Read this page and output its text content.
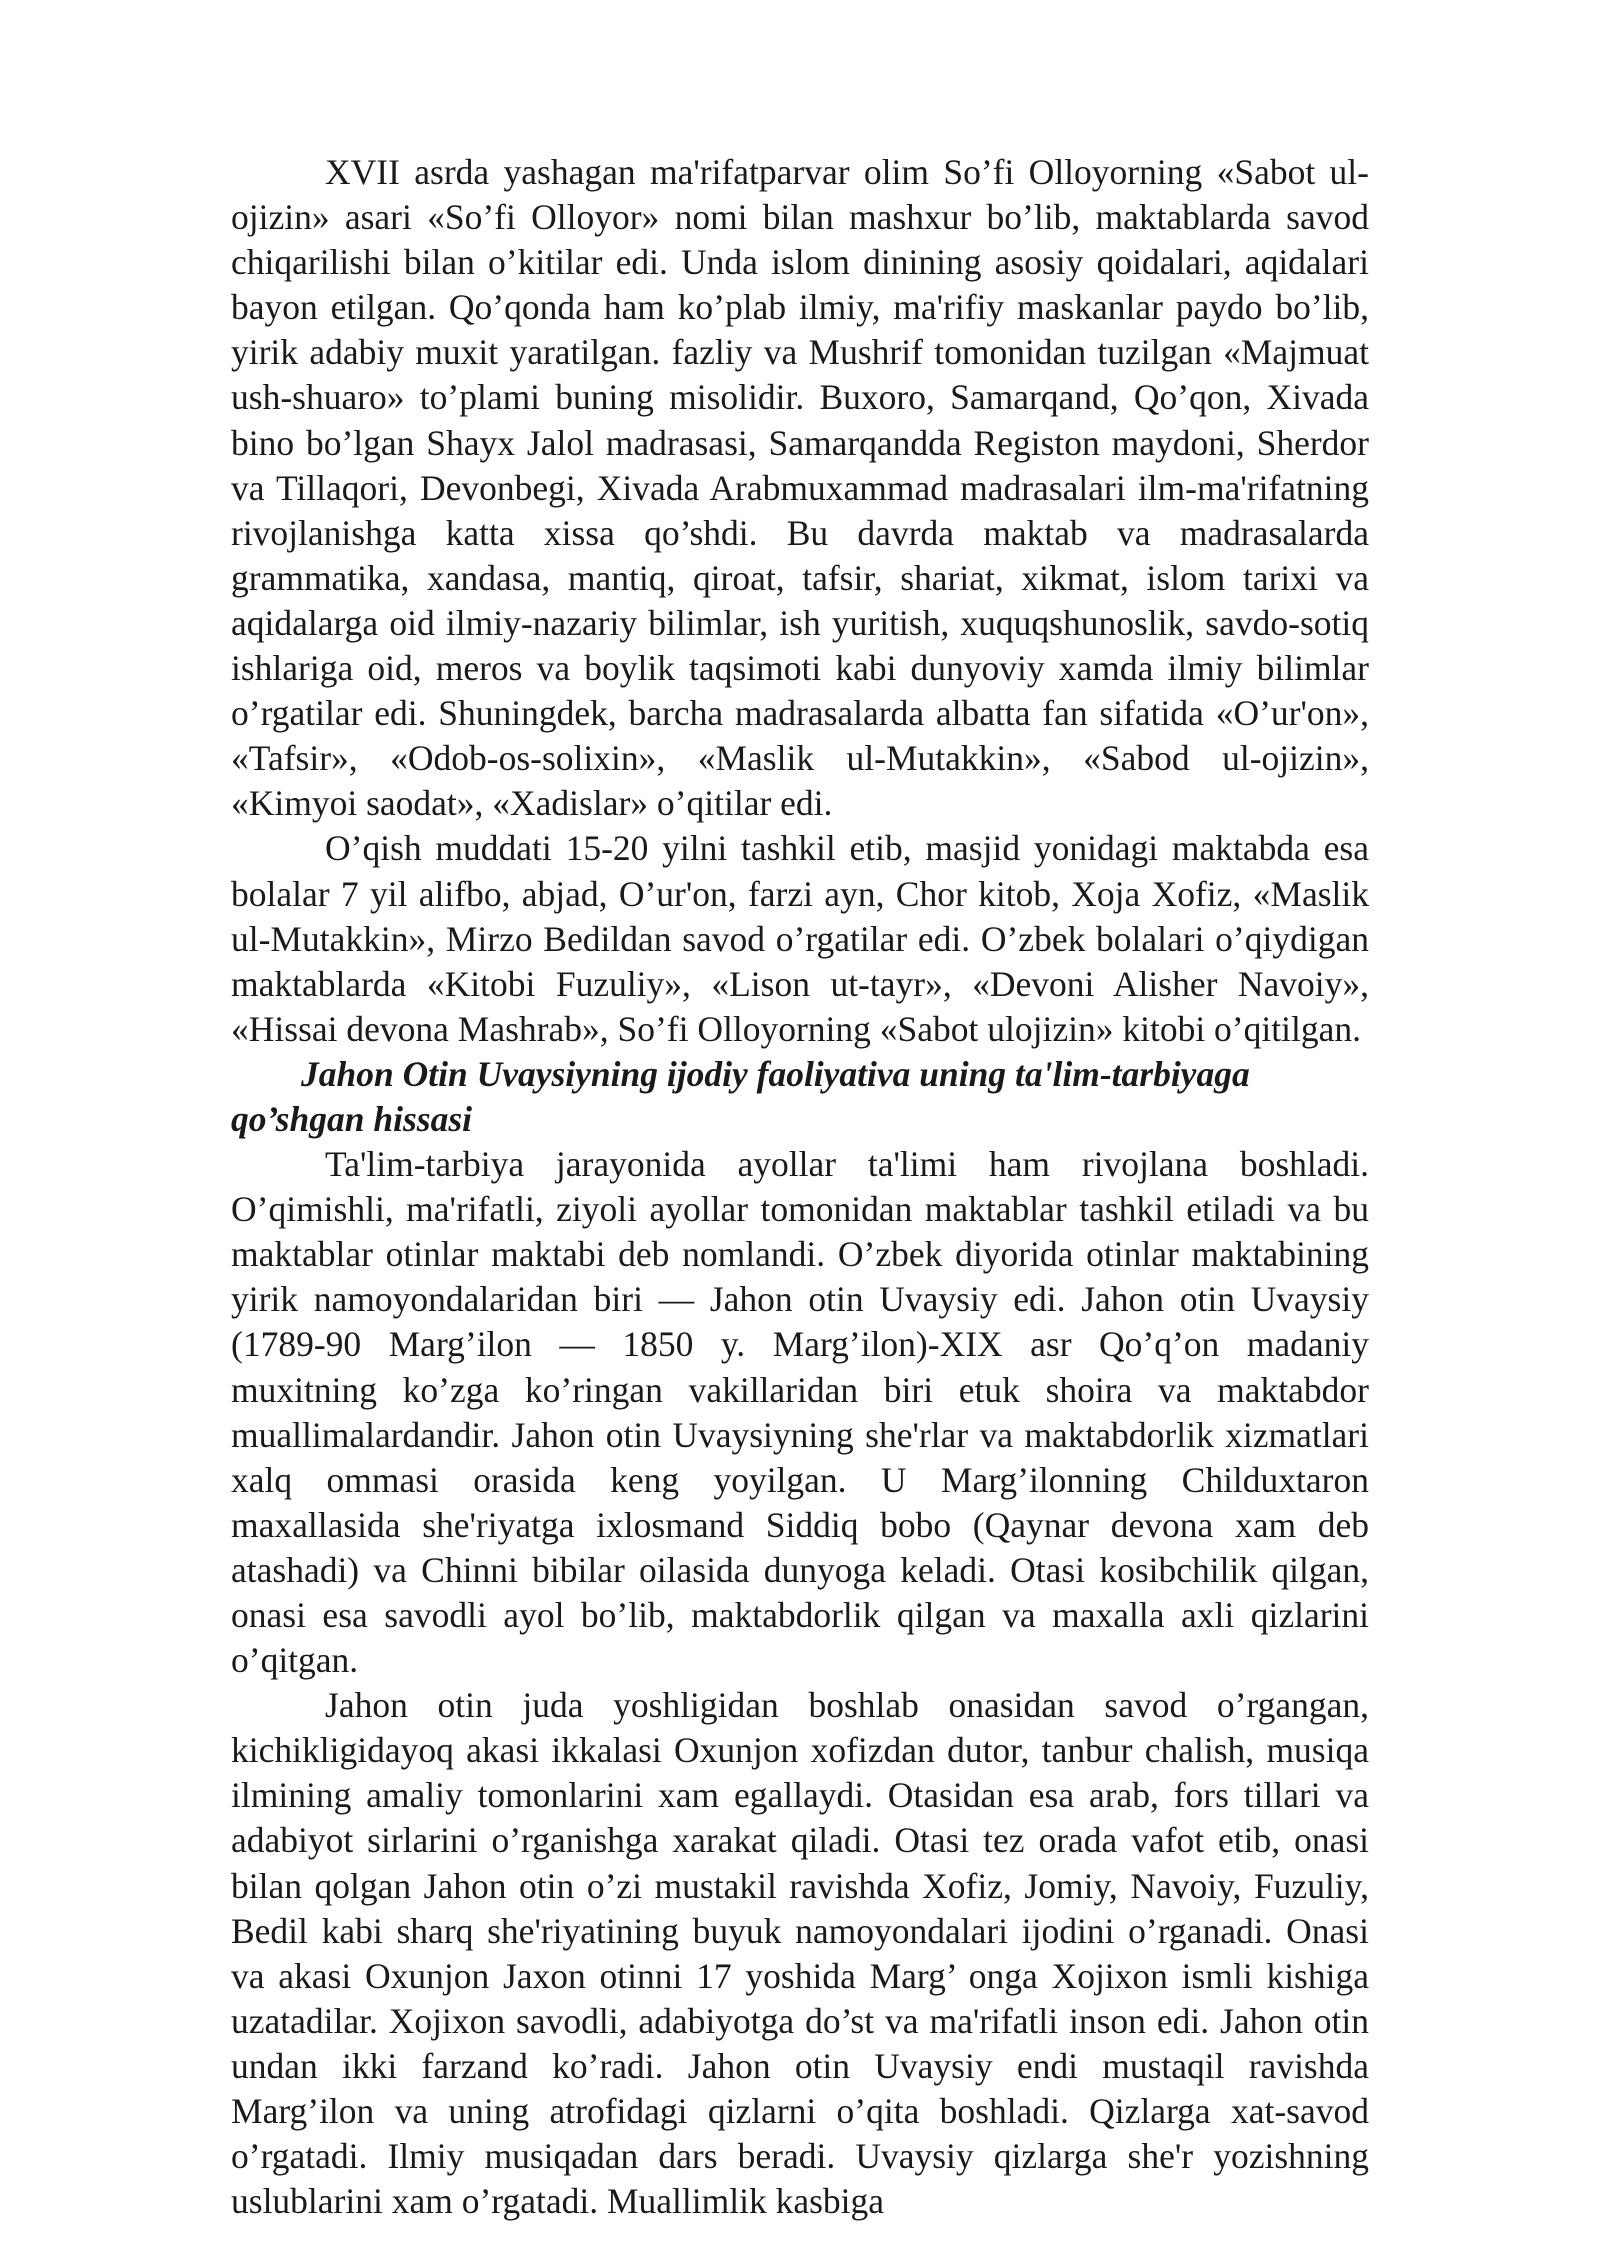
XVII asrda yashagan ma'rifatparvar olim So’fi Olloyorning «Sabot ul-ojizin» asari «So’fi Olloyor» nomi bilan mashxur bo’lib, maktablarda savod chiqarilishi bilan o’kitilar edi. Unda islom dinining asosiy qoidalari, aqidalari bayon etilgan. Qo’qonda ham ko’plab ilmiy, ma'rifiy maskanlar paydo bo’lib, yirik adabiy muxit yaratilgan. fazliy va Mushrif tomonidan tuzilgan «Majmuat ush-shuaro» to’plami buning misolidir. Buxoro, Samarqand, Qo’qon, Xivada bino bo’lgan Shayx Jalol madrasasi, Samarqandda Registon maydoni, Sherdor va Tillaqori, Devonbegi, Xivada Arabmuxammad madrasalari ilm-ma'rifatning rivojlanishga katta xissa qo’shdi. Bu davrda maktab va madrasalarda grammatika, xandasa, mantiq, qiroat, tafsir, shariat, xikmat, islom tarixi va aqidalarga oid ilmiy-nazariy bilimlar, ish yuritish, xuquqshunoslik, savdo-sotiq ishlariga oid, meros va boylik taqsimoti kabi dunyoviy xamda ilmiy bilimlar o’rgatilar edi. Shuningdek, barcha madrasalarda albatta fan sifatida «O’ur'on», «Tafsir», «Odob-os-solixin», «Maslik ul-Mutakkin», «Sabod ul-ojizin», «Kimyoi saodat», «Xadislar» o’qitilar edi.

O’qish muddati 15-20 yilni tashkil etib, masjid yonidagi maktabda esa bolalar 7 yil alifbo, abjad, O’ur'on, farzi ayn, Chor kitob, Xoja Xofiz, «Maslik ul-Mutakkin», Mirzo Bedildan savod o’rgatilar edi. O’zbek bolalari o’qiydigan maktablarda «Kitobi Fuzuliy», «Lison ut-tayr», «Devoni Alisher Navoiy», «Hissai devona Mashrab», So’fi Olloyorning «Sabot ulojizin» kitobi o’qitilgan.

Jahon Otin Uvaysiyning ijodiy faoliyativa uning ta'lim-tarbiyaga qo’shgan hissasi

Ta'lim-tarbiya jarayonida ayollar ta'limi ham rivojlana boshladi. O’qimishli, ma'rifatli, ziyoli ayollar tomonidan maktablar tashkil etiladi va bu maktablar otinlar maktabi deb nomlandi. O’zbek diyorida otinlar maktabining yirik namoyondalaridan biri — Jahon otin Uvaysiy edi. Jahon otin Uvaysiy (1789-90 Marg’ilon — 1850 y. Marg’ilon)-XIX asr Qo’q’on madaniy muxitning ko’zga ko’ringan vakillaridan biri etuk shoira va maktabdor muallimalardandir. Jahon otin Uvaysiyning she'rlar va maktabdorlik xizmatlari xalq ommasi orasida keng yoyilgan. U Marg’ilonning Childuxtaron maxallasida she'riyatga ixlosmand Siddiq bobo (Qaynar devona xam deb atashadi) va Chinni bibilar oilasida dunyoga keladi. Otasi kosibchilik qilgan, onasi esa savodli ayol bo’lib, maktabdorlik qilgan va maxalla axli qizlarini o’qitgan.

Jahon otin juda yoshligidan boshlab onasidan savod o’rgangan, kichikligidayoq akasi ikkalasi Oxunjon xofizdan dutor, tanbur chalish, musiqa ilmining amaliy tomonlarini xam egallaydi. Otasidan esa arab, fors tillari va adabiyot sirlarini o’rganishga xarakat qiladi. Otasi tez orada vafot etib, onasi bilan qolgan Jahon otin o’zi mustakil ravishda Xofiz, Jomiy, Navoiy, Fuzuliy, Bedil kabi sharq she'riyatining buyuk namoyondalari ijodini o’rganadi. Onasi va akasi Oxunjon Jaxon otinni 17 yoshida Marg’ onga Xojixon ismli kishiga uzatadilar. Xojixon savodli, adabiyotga do’st va ma'rifatli inson edi. Jahon otin undan ikki farzand ko’radi. Jahon otin Uvaysiy endi mustaqil ravishda Marg’ilon va uning atrofidagi qizlarni o’qita boshladi. Qizlarga xat-savod o’rgatadi. Ilmiy musiqadan dars beradi. Uvaysiy qizlarga she'r yozishning uslublarini xam o’rgatadi. Muallimlik kasbiga
